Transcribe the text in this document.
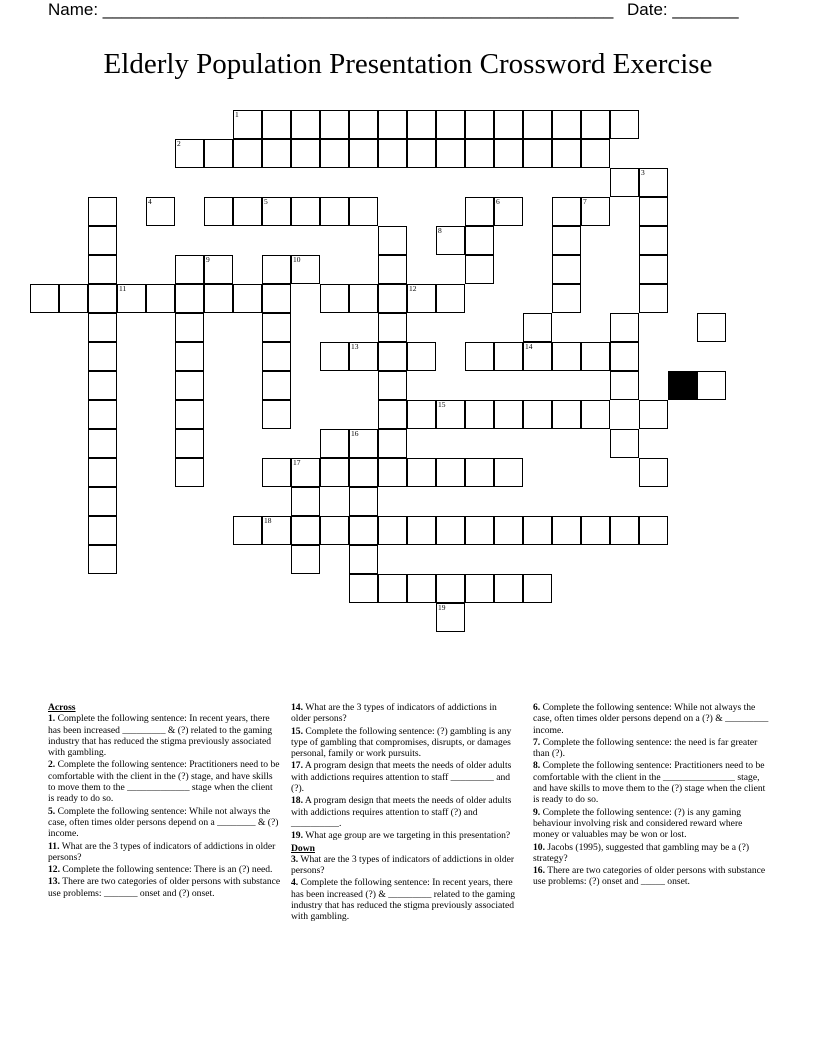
Name: ______________________________________________________ Date: _______
Elderly Population Presentation Crossword Exercise
1
2
5
11	12
13	14
15
17
18
3
4	6	7
8
9	10
16
19
Across
1. Complete the following sentence: In recent years, there has been increased _________ & (?) related to the gaming industry that has reduced the stigma previously associated with gambling.
2. Complete the following sentence: Practitioners need to be comfortable with the client in the (?) stage, and have skills to move them to the _____________ stage when the client is ready to do so.
5. Complete the following sentence: While not always the case, often times older persons depend on a ________ & (?) income.
11. What are the 3 types of indicators of addictions in older persons?
12. Complete the following sentence: There is an (?) need.
13. There are two categories of older persons with substance use problems: _______ onset and (?) onset.
14. What are the 3 types of indicators of addictions in older persons?
15. Complete the following sentence: (?) gambling is any type of gambling that compromises, disrupts, or damages personal, family or work pursuits.
17. A program design that meets the needs of older adults with addictions requires attention to staff _________ and (?).
18. A program design that meets the needs of older adults with addictions requires attention to staff (?) and __________.
19. What age group are we targeting in this presentation?
Down
3. What are the 3 types of indicators of addictions in older persons?
4. Complete the following sentence: In recent years, there has been increased (?) & _________ related to the gaming industry that has reduced the stigma previously associated with gambling.
6. Complete the following sentence: While not always the case, often times older persons depend on a (?) & _________ income.
7. Complete the following sentence: the need is far greater than (?).
8. Complete the following sentence: Practitioners need to be comfortable with the client in the _______________ stage, and have skills to move them to the (?) stage when the client is ready to do so.
9. Complete the following sentence: (?) is any gaming behaviour involving risk and considered reward where money or valuables may be won or lost.
10. Jacobs (1995), suggested that gambling may be a (?) strategy?
16. There are two categories of older persons with substance use problems: (?) onset and _____ onset.
